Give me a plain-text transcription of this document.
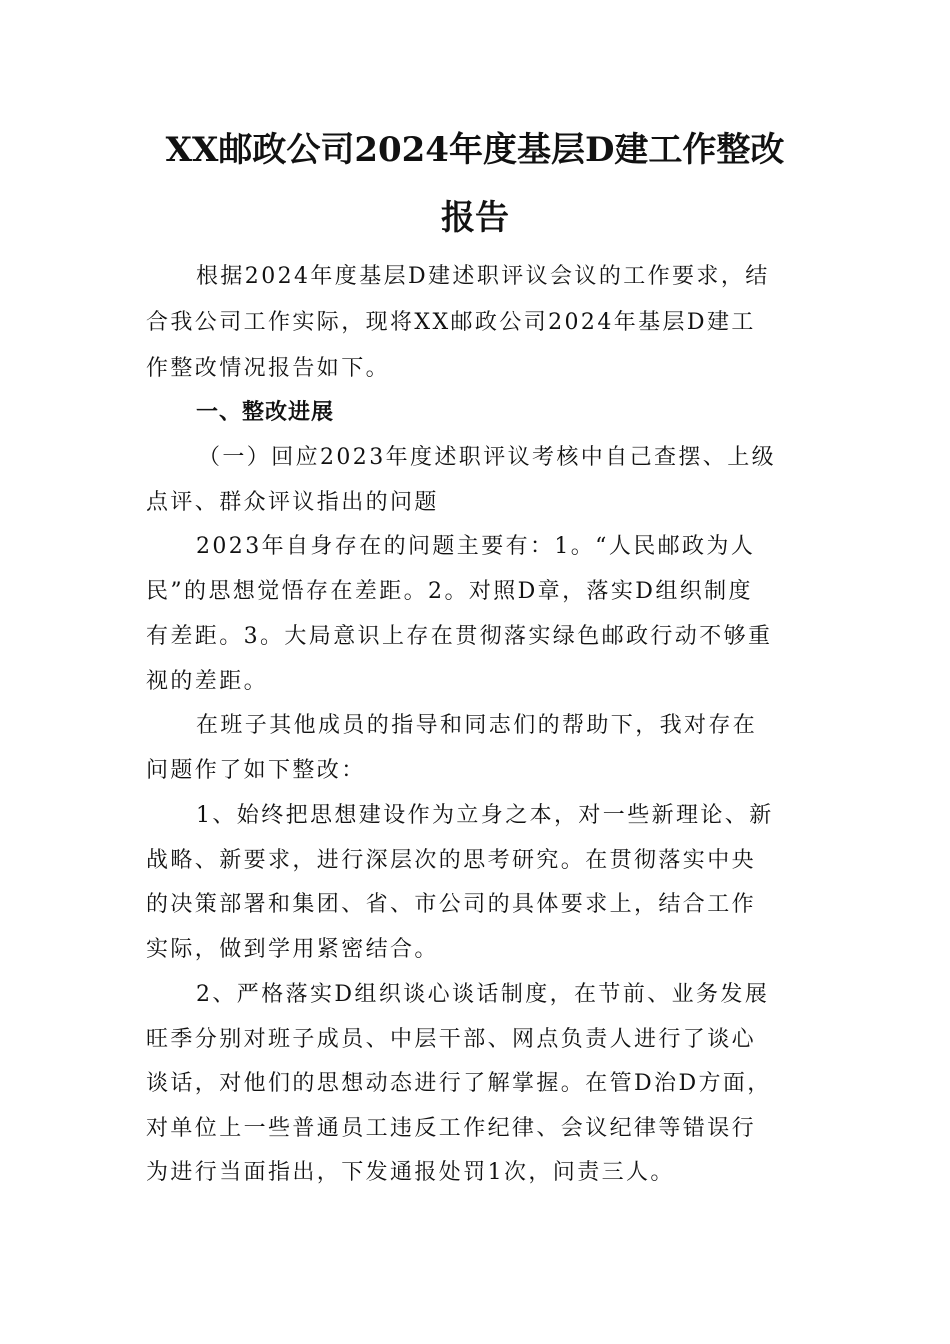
XX邮政公司2024年度基层D建工作整改
报告

根据2024年度基层D建述职评议会议的工作要求，结

合我公司工作实际，现将XX邮政公司2024年基层D建工

作整改情况报告如下。

一、整改进展

（一）回应2023年度述职评议考核中自己查摆、上级

点评、群众评议指出的问题

2023年自身存在的问题主要有：1。“人民邮政为人

民”的思想觉悟存在差距。2。对照D章，落实D组织制度

有差距。3。大局意识上存在贯彻落实绿色邮政行动不够重

视的差距。

在班子其他成员的指导和同志们的帮助下，我对存在

问题作了如下整改：

1、始终把思想建设作为立身之本，对一些新理论、新

战略、新要求，进行深层次的思考研究。在贯彻落实中央

的决策部署和集团、省、市公司的具体要求上，结合工作

实际，做到学用紧密结合。

2、严格落实D组织谈心谈话制度，在节前、业务发展

旺季分别对班子成员、中层干部、网点负责人进行了谈心

谈话，对他们的思想动态进行了解掌握。在管D治D方面，

对单位上一些普通员工违反工作纪律、会议纪律等错误行

为进行当面指出，下发通报处罚1次，问责三人。
